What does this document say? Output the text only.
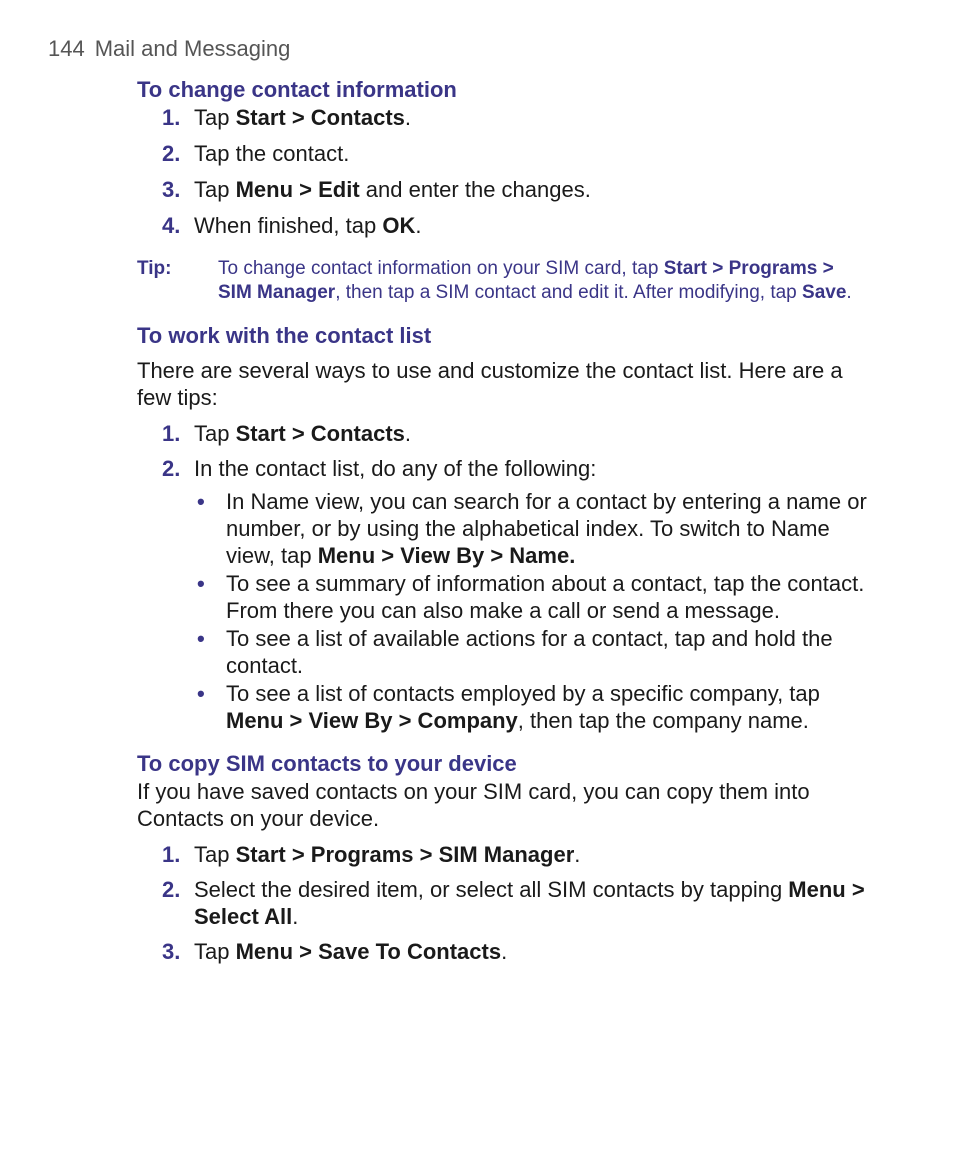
144 Mail and Messaging
To change contact information
1. Tap Start > Contacts.
2. Tap the contact.
3. Tap Menu > Edit and enter the changes.
4. When finished, tap OK.
Tip: To change contact information on your SIM card, tap Start > Programs > SIM Manager, then tap a SIM contact and edit it. After modifying, tap Save.
To work with the contact list

There are several ways to use and customize the contact list. Here are a few tips:

1. Tap Start > Contacts.
2. In the contact list, do any of the following:
• In Name view, you can search for a contact by entering a name or number, or by using the alphabetical index. To switch to Name view, tap Menu > View By > Name.
• To see a summary of information about a contact, tap the contact. From there you can also make a call or send a message.
• To see a list of available actions for a contact, tap and hold the contact.
• To see a list of contacts employed by a specific company, tap Menu > View By > Company, then tap the company name.
To copy SIM contacts to your device

If you have saved contacts on your SIM card, you can copy them into Contacts on your device.

1. Tap Start > Programs > SIM Manager.
2. Select the desired item, or select all SIM contacts by tapping Menu > Select All.
3. Tap Menu > Save To Contacts.
